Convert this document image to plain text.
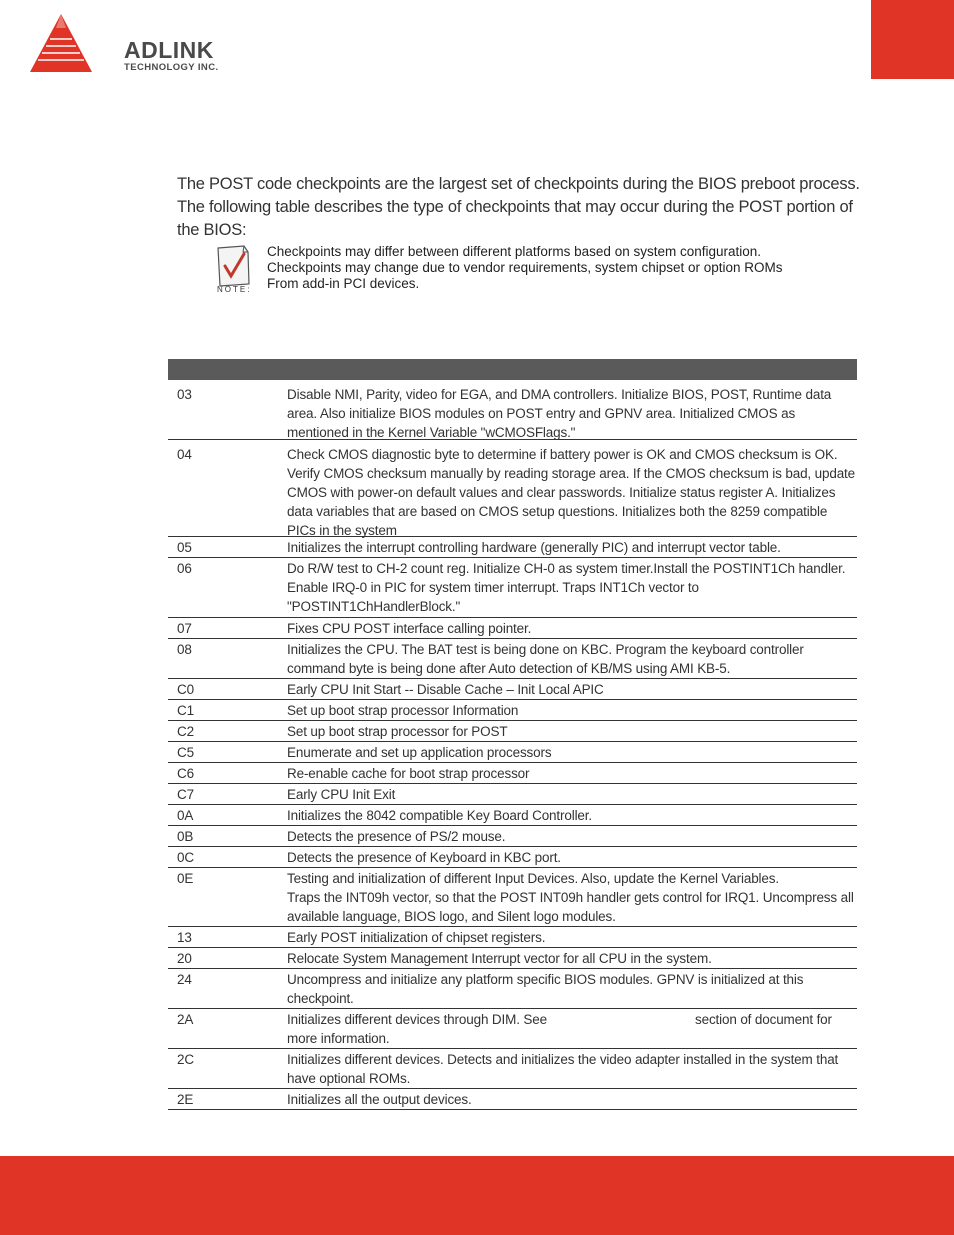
ADLINK
TECHNOLOGY INC.
The POST code checkpoints are the largest set of checkpoints during the BIOS preboot process. The following table describes the type of checkpoints that may occur during the POST portion of the BIOS:
NOTE:
Checkpoints may differ between different platforms based on system configuration.
Checkpoints may change due to vendor requirements, system chipset or option ROMs
From add-in PCI devices.
03	Disable NMI, Parity, video for EGA, and DMA controllers. Initialize BIOS, POST, Runtime data area. Also initialize BIOS modules on POST entry and GPNV area. Initialized CMOS as mentioned in the Kernel Variable "wCMOSFlags."
04	Check CMOS diagnostic byte to determine if battery power is OK and CMOS checksum is OK. Verify CMOS checksum manually by reading storage area. If the CMOS checksum is bad, update CMOS with power-on default values and clear passwords. Initialize status register A. Initializes data variables that are based on CMOS setup questions. Initializes both the 8259 compatible PICs in the system
05	Initializes the interrupt controlling hardware (generally PIC) and interrupt vector table.
06	Do R/W test to CH-2 count reg. Initialize CH-0 as system timer.Install the POSTINT1Ch handler. Enable IRQ-0 in PIC for system timer interrupt. Traps INT1Ch vector to "POSTINT1ChHandlerBlock."
07	Fixes CPU POST interface calling pointer.
08	Initializes the CPU. The BAT test is being done on KBC. Program the keyboard controller command byte is being done after Auto detection of KB/MS using AMI KB-5.
C0	Early CPU Init Start -- Disable Cache – Init Local APIC
C1	Set up boot strap processor Information
C2	Set up boot strap processor for POST
C5	Enumerate and set up application processors
C6	Re-enable cache for boot strap processor
C7	Early CPU Init Exit
0A	Initializes the 8042 compatible Key Board Controller.
0B	Detects the presence of PS/2 mouse.
0C	Detects the presence of Keyboard in KBC port.
0E	Testing and initialization of different Input Devices. Also, update the Kernel Variables.
Traps the INT09h vector, so that the POST INT09h handler gets control for IRQ1. Uncompress all available language, BIOS logo, and Silent logo modules.
13	Early POST initialization of chipset registers.
20	Relocate System Management Interrupt vector for all CPU in the system.
24	Uncompress and initialize any platform specific BIOS modules. GPNV is initialized at this checkpoint.
2A	Initializes different devices through DIM. See	section of document for
more information.
2C	Initializes different devices. Detects and initializes the video adapter installed in the system that have optional ROMs.
2E	Initializes all the output devices.
